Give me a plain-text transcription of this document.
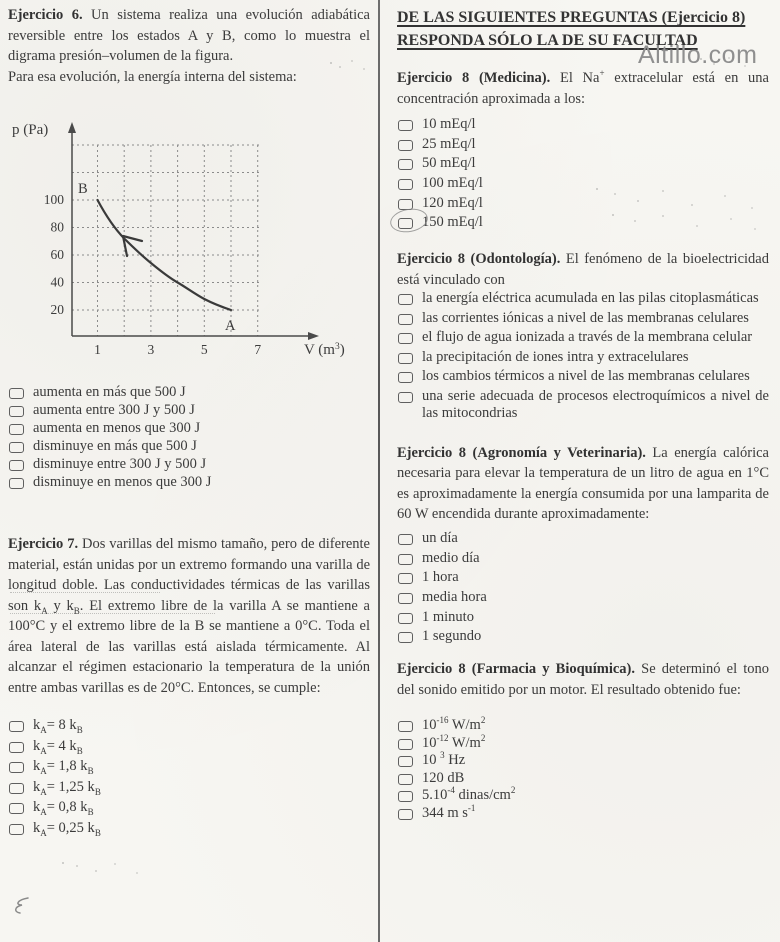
Ejercicio 6. Un sistema realiza una evolución adiabática reversible entre los estados A y B, como lo muestra el digrama presión–volumen de la figura.

Para esa evolución, la energía interna del sistema:

p (Pa)
V $(m^3)$
100
80
60
40
20
1	3	5	7
B
A
aumenta en más que 500 J
aumenta entre 300 J y 500 J
aumenta en menos que 300 J
disminuye en más que 500 J
disminuye entre 300 J y 500 J
disminuye en menos que 300 J

Ejercicio 7. Dos varillas del mismo tamaño, pero de diferente material, están unidas por un extremo formando una varilla de longitud doble. Las conductividades térmicas de las varillas son $k_A$ y $k_B$. El extremo libre de la varilla A se mantiene a 100°C y el extremo libre de la B se mantiene a 0°C. Toda el área lateral de las varillas está aislada térmicamente. Al alcanzar el régimen estacionario la temperatura de la unión entre ambas varillas es de 20°C. Entonces, se cumple:

$k_A= 8$ $k_B$
$k_A= 4$ $k_B$
$k_A= 1,8$ $k_B$
$k_A= 1,25$ $k_B$
$k_A= 0,8$ $k_B$
$k_A= 0,25$ $k_B$

DE LAS SIGUIENTES PREGUNTAS (Ejercicio 8)
RESPONDA SÓLO LA DE SU FACULTAD

Ejercicio 8 (Medicina). El Na+ extracelular está en una concentración aproximada a los:

10 mEq/l
25 mEq/l
50 mEq/l
100 mEq/l
120 mEq/l
150 mEq/l

Ejercicio 8 (Odontología). El fenómeno de la bioelectricidad está vinculado con

la energía eléctrica acumulada en las pilas citoplasmáticas
las corrientes iónicas a nivel de las membranas celulares
el flujo de agua ionizada a través de la membrana celular
la precipitación de iones intra y extracelulares
los cambios térmicos a nivel de las membranas celulares
una serie adecuada de procesos electroquímicos a nivel de las mitocondrias

Ejercicio 8 (Agronomía y Veterinaria). La energía calórica necesaria para elevar la temperatura de un litro de agua en 1°C es aproximadamente la energía consumida por una lamparita de 60 W encendida durante aproximadamente:

un día
medio día
1 hora
media hora
1 minuto
1 segundo

Ejercicio 8 (Farmacia y Bioquímica). Se determinó el tono del sonido emitido por un motor. El resultado obtenido fue:

$10^{-16}$ $W/m^2$
$10^{-12}$ $W/m^2$
10 $^3$ Hz
120 dB
$5.10^{-4}$ dinas/$cm^2$
344 m $s^{-1}$
Altillo.com
